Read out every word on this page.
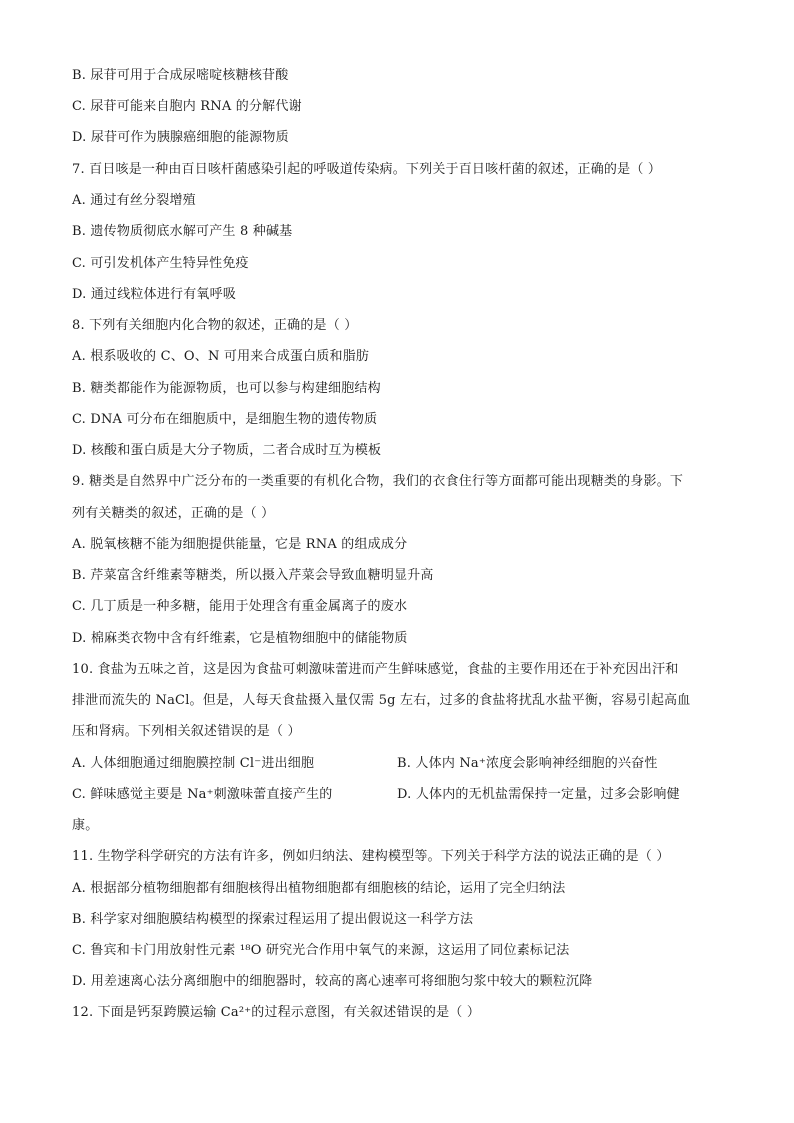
B. 尿苷可用于合成尿嘧啶核糖核苷酸
C. 尿苷可能来自胞内 RNA 的分解代谢
D. 尿苷可作为胰腺癌细胞的能源物质
7. 百日咳是一种由百日咳杆菌感染引起的呼吸道传染病。下列关于百日咳杆菌的叙述，正确的是（ ）
A. 通过有丝分裂增殖
B. 遗传物质彻底水解可产生 8 种碱基
C. 可引发机体产生特异性免疫
D. 通过线粒体进行有氧呼吸
8. 下列有关细胞内化合物的叙述，正确的是（ ）
A. 根系吸收的 C、O、N 可用来合成蛋白质和脂肪
B. 糖类都能作为能源物质，也可以参与构建细胞结构
C. DNA 可分布在细胞质中，是细胞生物的遗传物质
D. 核酸和蛋白质是大分子物质，二者合成时互为模板
9. 糖类是自然界中广泛分布的一类重要的有机化合物，我们的衣食住行等方面都可能出现糖类的身影。下
列有关糖类的叙述，正确的是（ ）
A. 脱氧核糖不能为细胞提供能量，它是 RNA 的组成成分
B. 芹菜富含纤维素等糖类，所以摄入芹菜会导致血糖明显升高
C. 几丁质是一种多糖，能用于处理含有重金属离子的废水
D. 棉麻类衣物中含有纤维素，它是植物细胞中的储能物质
10. 食盐为五味之首，这是因为食盐可刺激味蕾进而产生鲜味感觉，食盐的主要作用还在于补充因出汗和
排泄而流失的 NaCl。但是，人每天食盐摄入量仅需 5g 左右，过多的食盐将扰乱水盐平衡，容易引起高血
压和肾病。下列相关叙述错误的是（ ）
A. 人体细胞通过细胞膜控制 Cl⁻进出细胞	B. 人体内 Na⁺浓度会影响神经细胞的兴奋性
C. 鲜味感觉主要是 Na⁺刺激味蕾直接产生的	D. 人体内的无机盐需保持一定量，过多会影响健
康。
11. 生物学科学研究的方法有许多，例如归纳法、建构模型等。下列关于科学方法的说法正确的是（ ）
A. 根据部分植物细胞都有细胞核得出植物细胞都有细胞核的结论，运用了完全归纳法
B. 科学家对细胞膜结构模型的探索过程运用了提出假说这一科学方法
C. 鲁宾和卡门用放射性元素 ¹⁸O 研究光合作用中氧气的来源，这运用了同位素标记法
D. 用差速离心法分离细胞中的细胞器时，较高的离心速率可将细胞匀浆中较大的颗粒沉降
12. 下面是钙泵跨膜运输 Ca²⁺的过程示意图，有关叙述错误的是（ ）
